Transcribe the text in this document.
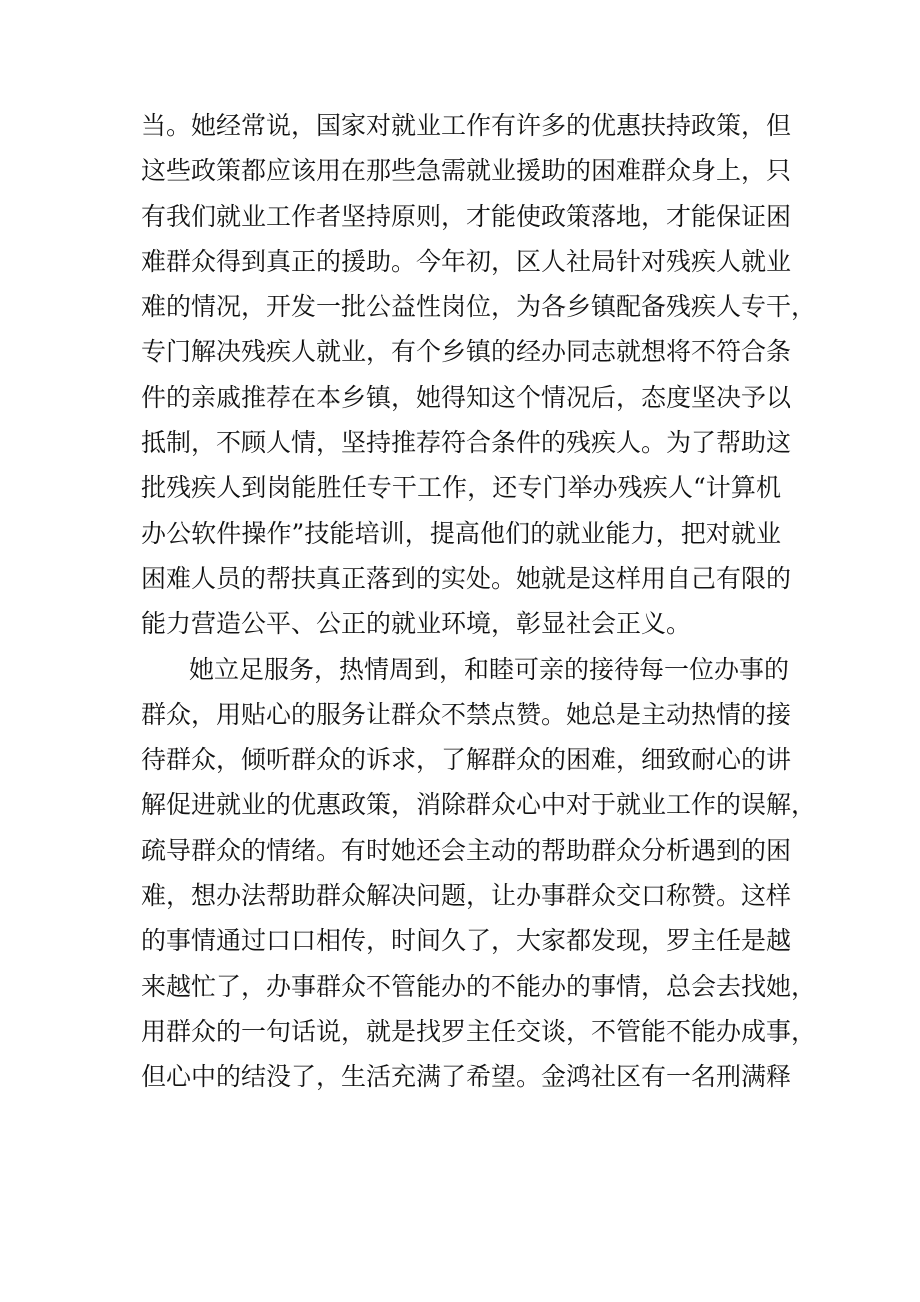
当。她经常说，国家对就业工作有许多的优惠扶持政策，但
这些政策都应该用在那些急需就业援助的困难群众身上，只
有我们就业工作者坚持原则，才能使政策落地，才能保证困
难群众得到真正的援助。今年初，区人社局针对残疾人就业
难的情况，开发一批公益性岗位，为各乡镇配备残疾人专干，
专门解决残疾人就业，有个乡镇的经办同志就想将不符合条
件的亲戚推荐在本乡镇，她得知这个情况后，态度坚决予以
抵制，不顾人情，坚持推荐符合条件的残疾人。为了帮助这
批残疾人到岗能胜任专干工作，还专门举办残疾人“计算机
办公软件操作”技能培训，提高他们的就业能力，把对就业
困难人员的帮扶真正落到的实处。她就是这样用自己有限的
能力营造公平、公正的就业环境，彰显社会正义。
她立足服务，热情周到，和睦可亲的接待每一位办事的
群众，用贴心的服务让群众不禁点赞。她总是主动热情的接
待群众，倾听群众的诉求，了解群众的困难，细致耐心的讲
解促进就业的优惠政策，消除群众心中对于就业工作的误解，
疏导群众的情绪。有时她还会主动的帮助群众分析遇到的困
难，想办法帮助群众解决问题，让办事群众交口称赞。这样
的事情通过口口相传，时间久了，大家都发现，罗主任是越
来越忙了，办事群众不管能办的不能办的事情，总会去找她，
用群众的一句话说，就是找罗主任交谈，不管能不能办成事，
但心中的结没了，生活充满了希望。金鸿社区有一名刑满释
